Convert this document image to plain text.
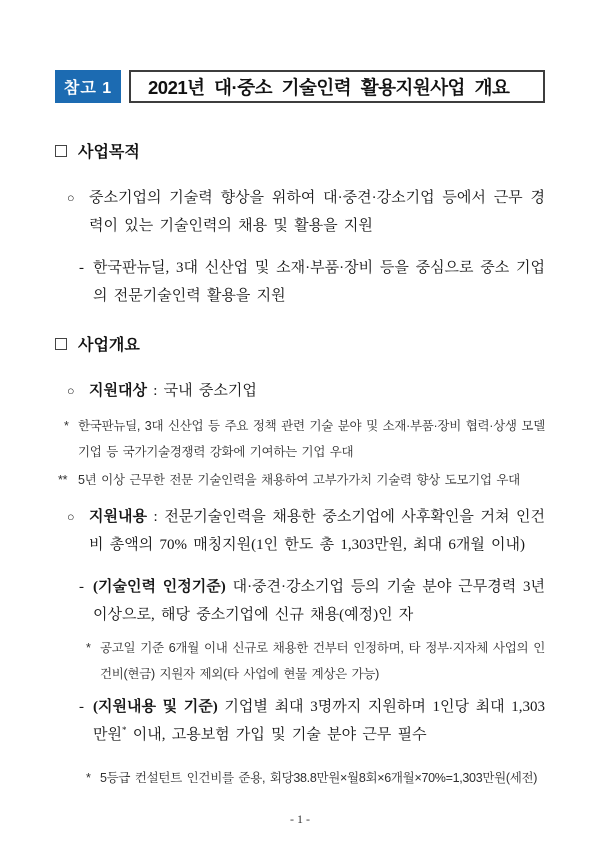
참고 1	2021년 대·중소 기술인력 활용지원사업 개요
사업목적
○ 중소기업의 기술력 향상을 위하여 대·중견·강소기업 등에서 근무 경력이 있는 기술인력의 채용 및 활용을 지원
- 한국판뉴딜, 3대 신산업 및 소재·부품·장비 등을 중심으로 중소 기업의 전문기술인력 활용을 지원
사업개요
○ 지원대상 : 국내 중소기업
* 한국판뉴딜, 3대 신산업 등 주요 정책 관련 기술 분야 및 소재·부품·장비 협력·상생 모델 기업 등 국가기술경쟁력 강화에 기여하는 기업 우대
** 5년 이상 근무한 전문 기술인력을 채용하여 고부가가치 기술력 향상 도모기업 우대
○ 지원내용 : 전문기술인력을 채용한 중소기업에 사후확인을 거쳐 인건비 총액의 70% 매칭지원(1인 한도 총 1,303만원, 최대 6개월 이내)
- (기술인력 인정기준) 대·중견·강소기업 등의 기술 분야 근무경력 3년 이상으로, 해당 중소기업에 신규 채용(예정)인 자
* 공고일 기준 6개월 이내 신규로 채용한 건부터 인정하며, 타 정부·지자체 사업의 인건비(현금) 지원자 제외(타 사업에 현물 계상은 가능)
- (지원내용 및 기준) 기업별 최대 3명까지 지원하며 1인당 최대 1,303만원* 이내, 고용보험 가입 및 기술 분야 근무 필수
* 5등급 컨설턴트 인건비를 준용, 회당38.8만원×월8회×6개월×70%=1,303만원(세전)
- 1 -
